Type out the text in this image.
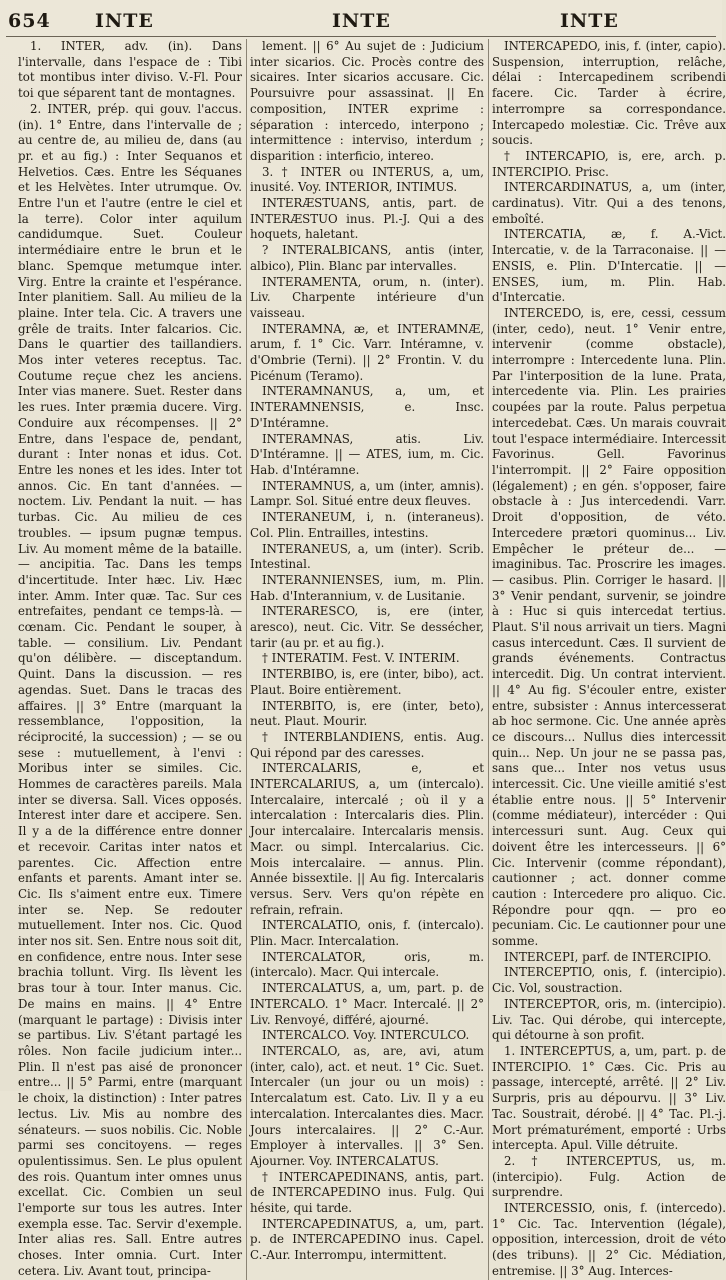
654 INTE	INTE	INTE

1. INTER, adv. (in). Dans l'intervalle, dans l'espace de : Tibi tot montibus inter diviso. V.-Fl. Pour toi que séparent tant de montagnes.

2. INTER, prép. qui gouv. l'accus. (in). 1° Entre, dans l'intervalle de ; au centre de, au milieu de, dans (au pr. et au fig.) : Inter Sequanos et Helvetios. Cæs. Entre les Séquanes et les Helvètes. Inter utrumque. Ov. Entre l'un et l'autre (entre le ciel et la terre). Color inter aquilum candidumque. Suet. Couleur intermédiaire entre le brun et le blanc. Spemque metumque inter. Virg. Entre la crainte et l'espérance. Inter planitiem. Sall. Au milieu de la plaine. Inter tela. Cic. A travers une grêle de traits. Inter falcarios. Cic. Dans le quartier des taillandiers. Mos inter veteres receptus. Tac. Coutume reçue chez les anciens. Inter vias manere. Suet. Rester dans les rues. Inter præmia ducere. Virg. Conduire aux récompenses. || 2° Entre, dans l'espace de, pendant, durant : Inter nonas et idus. Cot. Entre les nones et les ides. Inter tot annos. Cic. En tant d'années. — noctem. Liv. Pendant la nuit. — has turbas. Cic. Au milieu de ces troubles. — ipsum pugnæ tempus. Liv. Au moment même de la bataille. — ancipitia. Tac. Dans les temps d'incertitude. Inter hæc. Liv. Hæc inter. Amm. Inter quæ. Tac. Sur ces entrefaites, pendant ce temps-là. — cœnam. Cic. Pendant le souper, à table. — consilium. Liv. Pendant qu'on délibère. — disceptandum. Quint. Dans la discussion. — res agendas. Suet. Dans le tracas des affaires. || 3° Entre (marquant la ressemblance, l'opposition, la réciprocité, la succession) ; — se ou sese : mutuellement, à l'envi : Moribus inter se similes. Cic. Hommes de caractères pareils. Mala inter se diversa. Sall. Vices opposés. Interest inter dare et accipere. Sen. Il y a de la différence entre donner et recevoir. Caritas inter natos et parentes. Cic. Affection entre enfants et parents. Amant inter se. Cic. Ils s'aiment entre eux. Timere inter se. Nep. Se redouter mutuellement. Inter nos. Cic. Quod inter nos sit. Sen. Entre nous soit dit, en confidence, entre nous. Inter sese brachia tollunt. Virg. Ils lèvent les bras tour à tour. Inter manus. Cic. De mains en mains. || 4° Entre (marquant le partage) : Divisis inter se partibus. Liv. S'étant partagé les rôles. Non facile judicium inter... Plin. Il n'est pas aisé de prononcer entre... || 5° Parmi, entre (marquant le choix, la distinction) : Inter patres lectus. Liv. Mis au nombre des sénateurs. — suos nobilis. Cic. Noble parmi ses concitoyens. — reges opulentissimus. Sen. Le plus opulent des rois. Quantum inter omnes unus excellat. Cic. Combien un seul l'emporte sur tous les autres. Inter exempla esse. Tac. Servir d'exemple. Inter alias res. Sall. Entre autres choses. Inter omnia. Curt. Inter cetera. Liv. Avant tout, principa-

lement. || 6° Au sujet de : Judicium inter sicarios. Cic. Procès contre des sicaires. Inter sicarios accusare. Cic. Poursuivre pour assassinat. || En composition, INTER exprime : séparation : intercedo, interpono ; intermittence : interviso, interdum ; disparition : interficio, intereo.

3. † INTER ou INTERUS, a, um, inusité. Voy. INTERIOR, INTIMUS.

INTERÆSTUANS, antis, part. de INTERÆSTUO inus. Pl.-J. Qui a des hoquets, haletant.

? INTERALBICANS, antis (inter, albico), Plin. Blanc par intervalles.

INTERAMENTA, orum, n. (inter). Liv. Charpente intérieure d'un vaisseau.

INTERAMNA, æ, et INTERAMNÆ, arum, f. 1° Cic. Varr. Intéramne, v. d'Ombrie (Terni). || 2° Frontin. V. du Picénum (Teramo).

INTERAMNANUS, a, um, et INTERAMNENSIS, e. Insc. D'Intéramne.

INTERAMNAS, atis. Liv. D'Intéramne. || — ATES, ium, m. Cic. Hab. d'Intéramne.

INTERAMNUS, a, um (inter, amnis). Lampr. Sol. Situé entre deux fleuves.

INTERANEUM, i, n. (interaneus). Col. Plin. Entrailles, intestins.

INTERANEUS, a, um (inter). Scrib. Intestinal.

INTERANNIENSES, ium, m. Plin. Hab. d'Interannium, v. de Lusitanie.

INTERARESCO, is, ere (inter, aresco), neut. Cic. Vitr. Se dessécher, tarir (au pr. et au fig.).

† INTERATIM. Fest. V. INTERIM.

INTERBIBO, is, ere (inter, bibo), act. Plaut. Boire entièrement.

INTERBITO, is, ere (inter, beto), neut. Plaut. Mourir.

† INTERBLANDIENS, entis. Aug. Qui répond par des caresses.

INTERCALARIS, e, et INTERCALARIUS, a, um (intercalo). Intercalaire, intercalé ; où il y a intercalation : Intercalaris dies. Plin. Jour intercalaire. Intercalaris mensis. Macr. ou simpl. Intercalarius. Cic. Mois intercalaire. — annus. Plin. Année bissextile. || Au fig. Intercalaris versus. Serv. Vers qu'on répète en refrain, refrain.

INTERCALATIO, onis, f. (intercalo). Plin. Macr. Intercalation.

INTERCALATOR, oris, m. (intercalo). Macr. Qui intercale.

INTERCALATUS, a, um, part. p. de INTERCALO. 1° Macr. Intercalé. || 2° Liv. Renvoyé, différé, ajourné.

INTERCALCO. Voy. INTERCULCO.

INTERCALO, as, are, avi, atum (inter, calo), act. et neut. 1° Cic. Suet. Intercaler (un jour ou un mois) : Intercalatum est. Cato. Liv. Il y a eu intercalation. Intercalantes dies. Macr. Jours intercalaires. || 2° C.-Aur. Employer à intervalles. || 3° Sen. Ajourner. Voy. INTERCALATUS.

† INTERCAPEDINANS, antis, part. de INTERCAPEDINO inus. Fulg. Qui hésite, qui tarde.

INTERCAPEDINATUS, a, um, part. p. de INTERCAPEDINO inus. Capel. C.-Aur. Interrompu, intermittent.

INTERCAPEDO, inis, f. (inter, capio). Suspension, interruption, relâche, délai : Intercapedinem scribendi facere. Cic. Tarder à écrire, interrompre sa correspondance. Intercapedo molestiæ. Cic. Trêve aux soucis.

† INTERCAPIO, is, ere, arch. p. INTERCIPIO. Prisc.

INTERCARDINATUS, a, um (inter, cardinatus). Vitr. Qui a des tenons, emboîté.

INTERCATIA, æ, f. A.-Vict. Intercatie, v. de la Tarraconaise. || — ENSIS, e. Plin. D'Intercatie. || — ENSES, ium, m. Plin. Hab. d'Intercatie.

INTERCEDO, is, ere, cessi, cessum (inter, cedo), neut. 1° Venir entre, intervenir (comme obstacle), interrompre : Intercedente luna. Plin. Par l'interposition de la lune. Prata, intercedente via. Plin. Les prairies coupées par la route. Palus perpetua intercedebat. Cæs. Un marais couvrait tout l'espace intermédiaire. Intercessit Favorinus. Gell. Favorinus l'interrompit. || 2° Faire opposition (légalement) ; en gén. s'opposer, faire obstacle à : Jus intercedendi. Varr. Droit d'opposition, de véto. Intercedere prætori quominus... Liv. Empêcher le préteur de... — imaginibus. Tac. Proscrire les images. — casibus. Plin. Corriger le hasard. || 3° Venir pendant, survenir, se joindre à : Huc si quis intercedat tertius. Plaut. S'il nous arrivait un tiers. Magni casus intercedunt. Cæs. Il survient de grands événements. Contractus intercedit. Dig. Un contrat intervient. || 4° Au fig. S'écouler entre, exister entre, subsister : Annus intercesserat ab hoc sermone. Cic. Une année après ce discours... Nullus dies intercessit quin... Nep. Un jour ne se passa pas, sans que... Inter nos vetus usus intercessit. Cic. Une vieille amitié s'est établie entre nous. || 5° Intervenir (comme médiateur), intercéder : Qui intercessuri sunt. Aug. Ceux qui doivent être les intercesseurs. || 6° Cic. Intervenir (comme répondant), cautionner ; act. donner comme caution : Intercedere pro aliquo. Cic. Répondre pour qqn. — pro eo pecuniam. Cic. Le cautionner pour une somme.

INTERCEPI, parf. de INTERCIPIO.

INTERCEPTIO, onis, f. (intercipio). Cic. Vol, soustraction.

INTERCEPTOR, oris, m. (intercipio). Liv. Tac. Qui dérobe, qui intercepte, qui détourne à son profit.

1. INTERCEPTUS, a, um, part. p. de INTERCIPIO. 1° Cæs. Cic. Pris au passage, intercepté, arrêté. || 2° Liv. Surpris, pris au dépourvu. || 3° Liv. Tac. Soustrait, dérobé. || 4° Tac. Pl.-j. Mort prématurément, emporté : Urbs intercepta. Apul. Ville détruite.

2. † INTERCEPTUS, us, m. (intercipio). Fulg. Action de surprendre.

INTERCESSIO, onis, f. (intercedo). 1° Cic. Tac. Intervention (légale), opposition, intercession, droit de véto (des tribuns). || 2° Cic. Médiation, entremise. || 3° Aug. Interces-
